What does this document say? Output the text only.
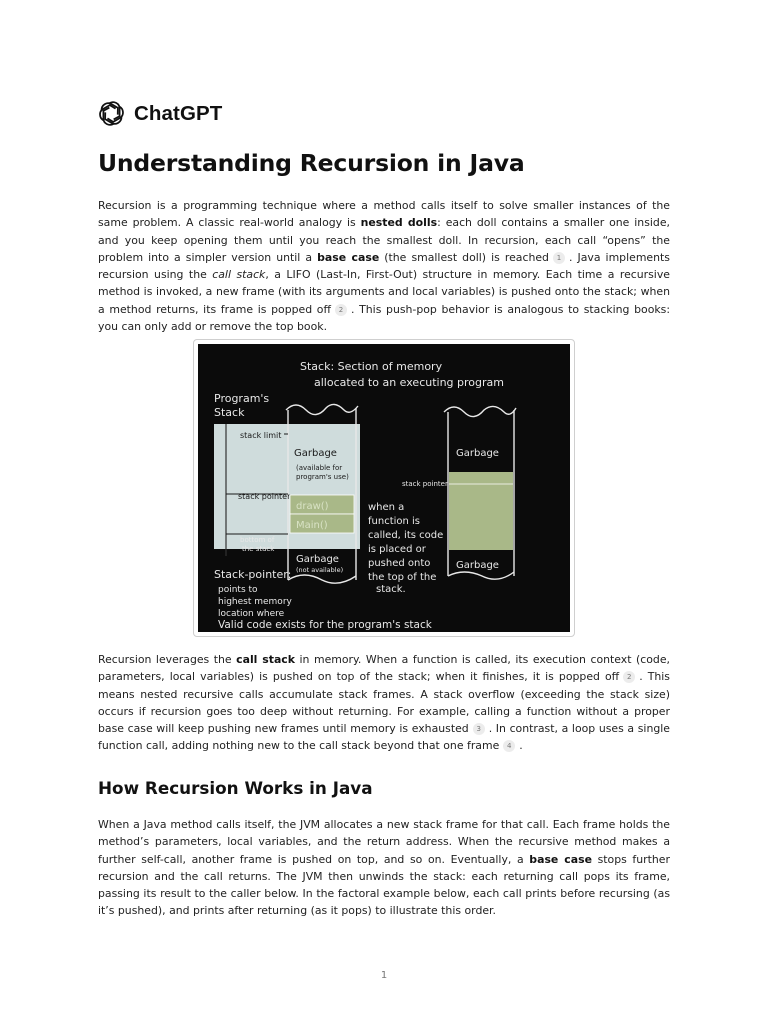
ChatGPT
Understanding Recursion in Java

Recursion is a programming technique where a method calls itself to solve smaller instances of the same problem. A classic real-world analogy is nested dolls: each doll contains a smaller one inside, and you keep opening them until you reach the smallest doll. In recursion, each call “opens” the problem into a simpler version until a base case (the smallest doll) is reached 1 . Java implements recursion using the call stack, a LIFO (Last-In, First-Out) structure in memory. Each time a recursive method is invoked, a new frame (with its arguments and local variables) is pushed onto the stack; when a method returns, its frame is popped off 2 . This push-pop behavior is analogous to stacking books: you can only add or remove the top book.

Stack: Section of memory
allocated to an executing program
Program's
Stack
stack limit
Garbage
(available for
program's use)
stack pointer
draw()
Main()
bottom of
the stack
Garbage
(not available)
when a
function is
called, its code
is placed or
pushed onto
the top of the
stack.
Garbage
stack pointer
Garbage
Stack-pointer:
points to
highest memory
location where
Valid code exists for the program's stack

Recursion leverages the call stack in memory. When a function is called, its execution context (code, parameters, local variables) is pushed on top of the stack; when it finishes, it is popped off 2 . This means nested recursive calls accumulate stack frames. A stack overflow (exceeding the stack size) occurs if recursion goes too deep without returning. For example, calling a function without a proper base case will keep pushing new frames until memory is exhausted 3 . In contrast, a loop uses a single function call, adding nothing new to the call stack beyond that one frame 4 .

How Recursion Works in Java

When a Java method calls itself, the JVM allocates a new stack frame for that call. Each frame holds the method’s parameters, local variables, and the return address. When the recursive method makes a further self-call, another frame is pushed on top, and so on. Eventually, a base case stops further recursion and the call returns. The JVM then unwinds the stack: each returning call pops its frame, passing its result to the caller below. In the factoral example below, each call prints before recursing (as it’s pushed), and prints after returning (as it pops) to illustrate this order.

1
